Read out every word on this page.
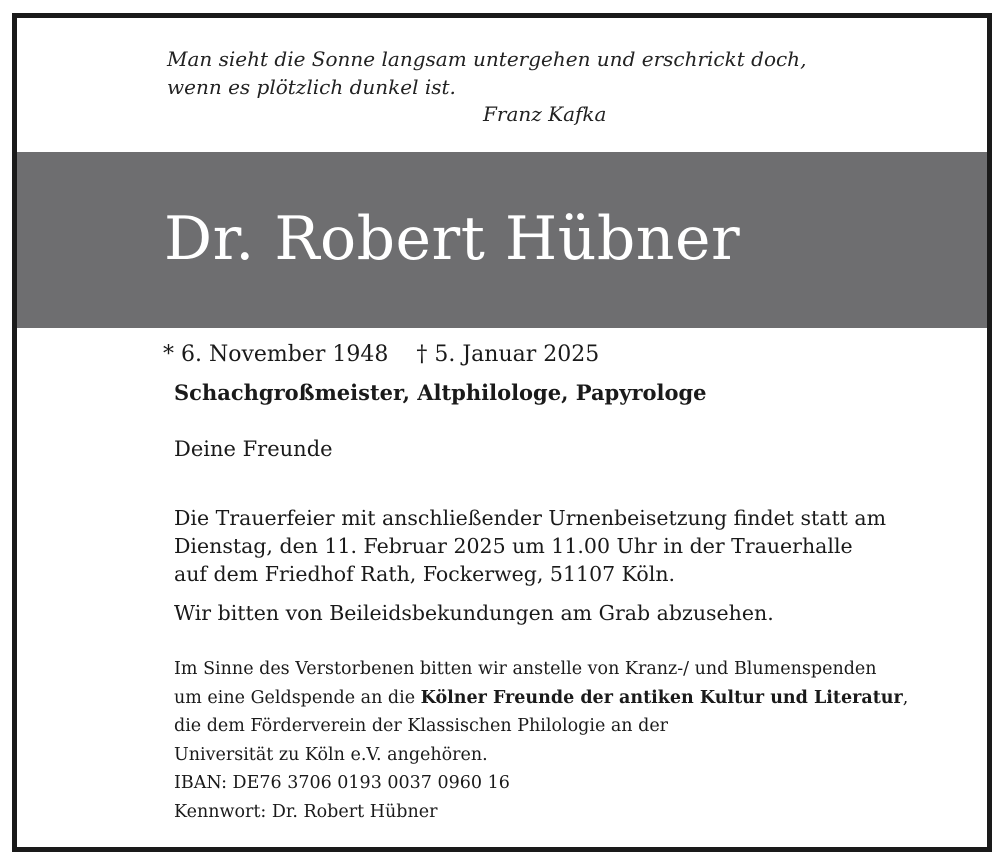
Man sieht die Sonne langsam untergehen und erschrickt doch,
wenn es plötzlich dunkel ist.
Franz Kafka
Dr. Robert Hübner
* 6. November 1948 † 5. Januar 2025
Schachgroßmeister, Altphilologe, Papyrologe
Deine Freunde
Die Trauerfeier mit anschließender Urnenbeisetzung findet statt am
Dienstag, den 11. Februar 2025 um 11.00 Uhr in der Trauerhalle
auf dem Friedhof Rath, Fockerweg, 51107 Köln.
Wir bitten von Beileidsbekundungen am Grab abzusehen.
Im Sinne des Verstorbenen bitten wir anstelle von Kranz-/ und Blumenspenden
um eine Geldspende an die Kölner Freunde der antiken Kultur und Literatur,
die dem Förderverein der Klassischen Philologie an der
Universität zu Köln e.V. angehören.
IBAN: DE76 3706 0193 0037 0960 16
Kennwort: Dr. Robert Hübner
